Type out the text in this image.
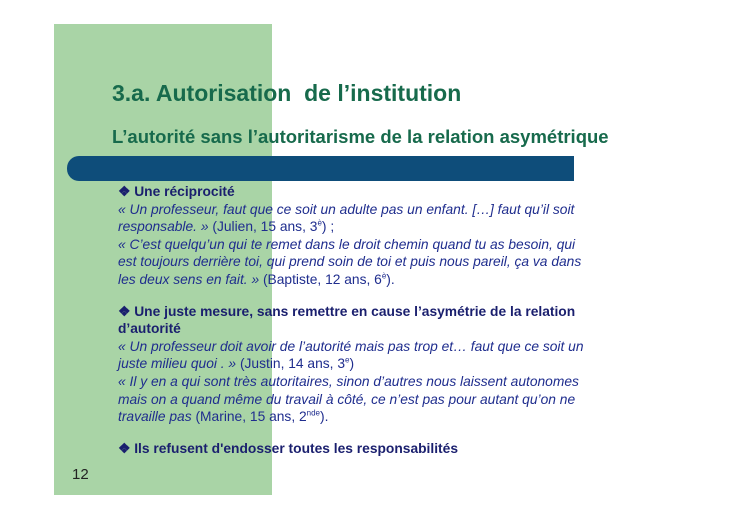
3.a. Autorisation  de l’institution
L’autorité sans l’autoritarisme de la relation asymétrique
❖ Une réciprocité
« Un professeur, faut que ce soit un adulte pas un enfant. […] faut qu’il soit
responsable. » (Julien, 15 ans, $3^è$) ;
« C’est quelqu’un qui te remet dans le droit chemin quand tu as besoin, qui
est toujours derrière toi, qui prend soin de toi et puis nous pareil, ça va dans
les deux sens en fait. » (Baptiste, 12 ans, $6^è$).
❖ Une juste mesure, sans remettre en cause l’asymétrie de la relation
d’autorité
« Un professeur doit avoir de l’autorité mais pas trop et… faut que ce soit un
juste milieu quoi . » (Justin, 14 ans, 3e)
« Il y en a qui sont très autoritaires, sinon d’autres nous laissent autonomes
mais on a quand même du travail à côté, ce n’est pas pour autant qu’on ne
travaille pas (Marine, 15 ans, 2nde).
❖ Ils refusent d'endosser toutes les responsabilités
12
